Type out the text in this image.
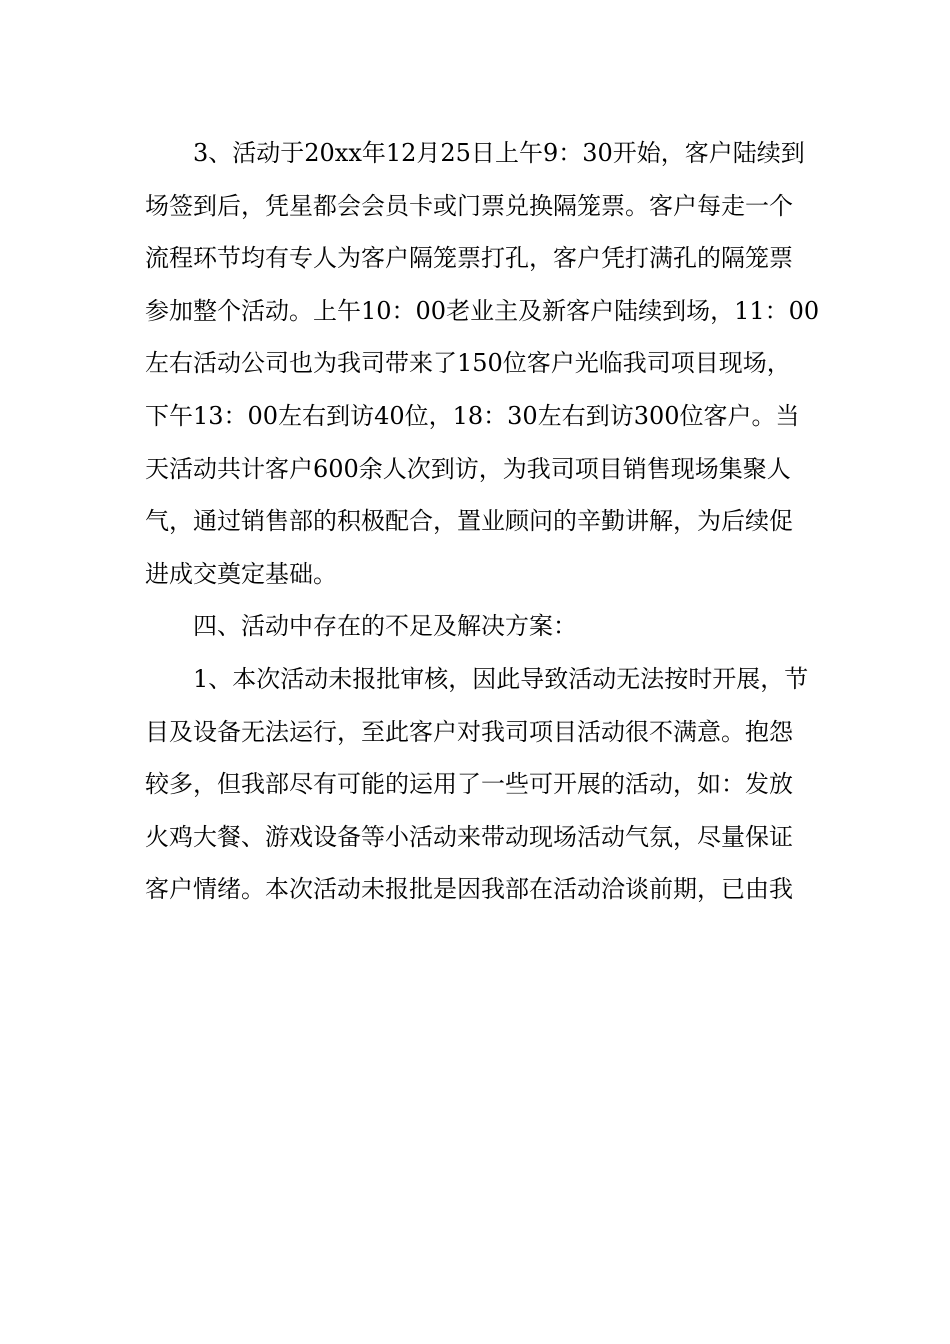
3、活动于20xx年12月25日上午9：30开始，客户陆续到
场签到后，凭星都会会员卡或门票兑换隔笼票。客户每走一个
流程环节均有专人为客户隔笼票打孔，客户凭打满孔的隔笼票
参加整个活动。上午10：00老业主及新客户陆续到场，11：00
左右活动公司也为我司带来了150位客户光临我司项目现场，
下午13：00左右到访40位，18：30左右到访300位客户。当
天活动共计客户600余人次到访，为我司项目销售现场集聚人
气，通过销售部的积极配合，置业顾问的辛勤讲解，为后续促
进成交奠定基础。
四、活动中存在的不足及解决方案：
1、本次活动未报批审核，因此导致活动无法按时开展，节
目及设备无法运行，至此客户对我司项目活动很不满意。抱怨
较多，但我部尽有可能的运用了一些可开展的活动，如：发放
火鸡大餐、游戏设备等小活动来带动现场活动气氛，尽量保证
客户情绪。本次活动未报批是因我部在活动洽谈前期，已由我
